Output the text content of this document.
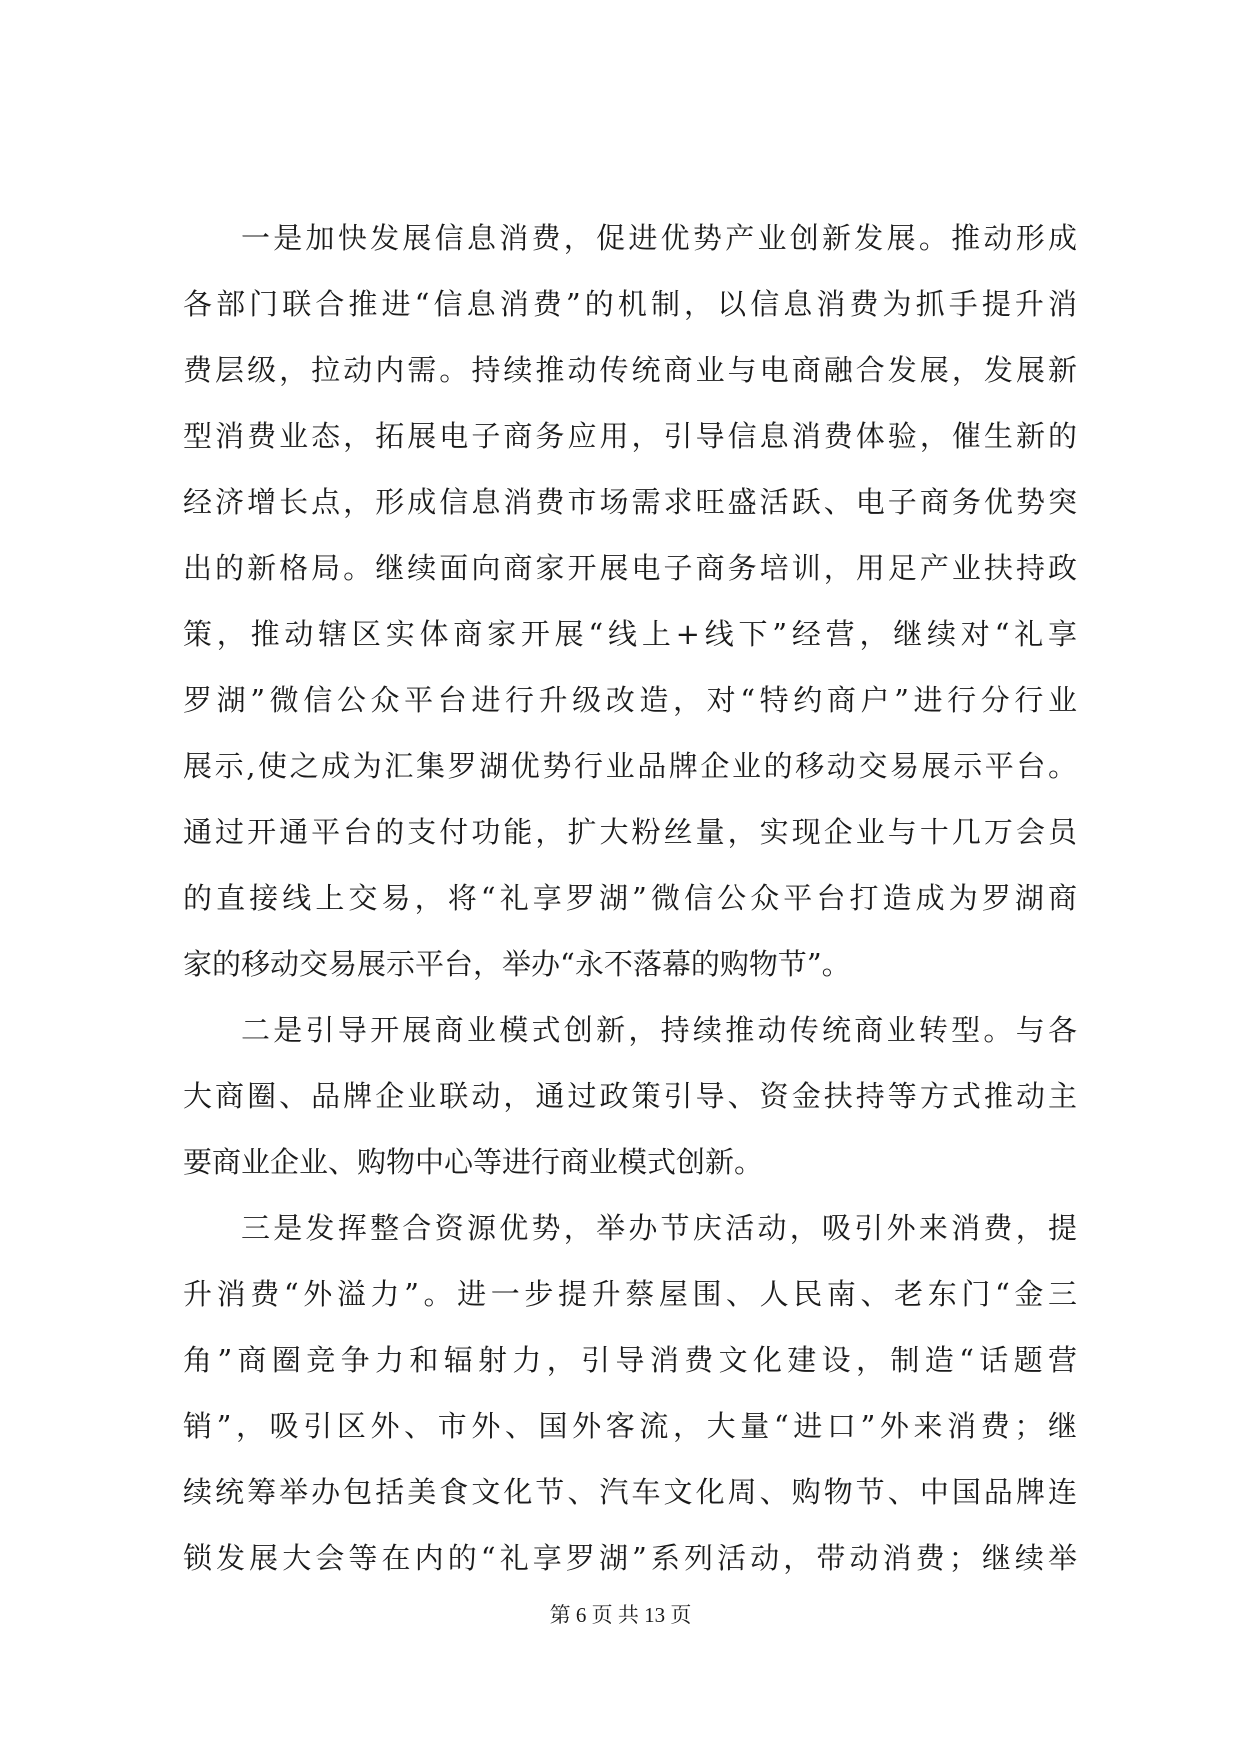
一是加快发展信息消费，促进优势产业创新发展。推动形成
各部门联合推进“信息消费”的机制，以信息消费为抓手提升消
费层级，拉动内需。持续推动传统商业与电商融合发展，发展新
型消费业态，拓展电子商务应用，引导信息消费体验，催生新的
经济增长点，形成信息消费市场需求旺盛活跃、电子商务优势突
出的新格局。继续面向商家开展电子商务培训，用足产业扶持政
策，推动辖区实体商家开展“线上+线下”经营，继续对“礼享
罗湖”微信公众平台进行升级改造，对“特约商户”进行分行业
展示,使之成为汇集罗湖优势行业品牌企业的移动交易展示平台。
通过开通平台的支付功能，扩大粉丝量，实现企业与十几万会员
的直接线上交易，将“礼享罗湖”微信公众平台打造成为罗湖商
家的移动交易展示平台，举办“永不落幕的购物节”。
二是引导开展商业模式创新，持续推动传统商业转型。与各
大商圈、品牌企业联动，通过政策引导、资金扶持等方式推动主
要商业企业、购物中心等进行商业模式创新。
三是发挥整合资源优势，举办节庆活动，吸引外来消费，提
升消费“外溢力”。进一步提升蔡屋围、人民南、老东门“金三
角”商圈竞争力和辐射力，引导消费文化建设，制造“话题营
销”，吸引区外、市外、国外客流，大量“进口”外来消费；继
续统筹举办包括美食文化节、汽车文化周、购物节、中国品牌连
锁发展大会等在内的“礼享罗湖”系列活动，带动消费；继续举
第 6 页 共 13 页
